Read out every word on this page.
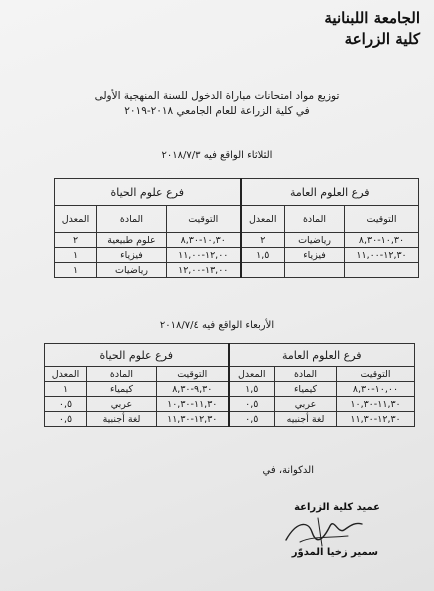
الجامعة اللبنانية
كلية الزراعة
توزيع مواد امتحانات مباراة الدخول للسنة المنهجية الأولى
في كلية الزراعة للعام الجامعي ٢٠١٨-٢٠١٩
الثلاثاء الواقع فيه ٢٠١٨/٧/٣
فرع العلوم العامة			فرع علوم الحياة		
التوقيت	المادة	المعدل	التوقيت	المادة	المعدل
١٠,٣٠-٨,٣٠	رياضيات	٢	١٠,٣٠-٨,٣٠	علوم طبيعية	٢
١٢,٣٠-١١,٠٠	فيزياء	١,٥	١٢,٠٠-١١,٠٠	فيزياء	١
			١٣,٠٠-١٢,٠٠	رياضيات	١
الأربعاء الواقع فيه ٢٠١٨/٧/٤
فرع العلوم العامة			فرع علوم الحياة		
التوقيت	المادة	المعدل	التوقيت	المادة	المعدل
١٠,٠٠-٨,٣٠	كيمياء	١,٥	٩,٣٠-٨,٣٠	كيمياء	١
١١,٣٠-١٠,٣٠	عربي	٠,٥	١١,٣٠-١٠,٣٠	عربي	٠,٥
١٢,٣٠-١١,٣٠	لغة أجنبيه	٠,٥	١٢,٣٠-١١,٣٠	لغة أجنبية	٠,٥
الدكوانة، في
عميد كلية الزراعة
سمير زخيا المدوّر
